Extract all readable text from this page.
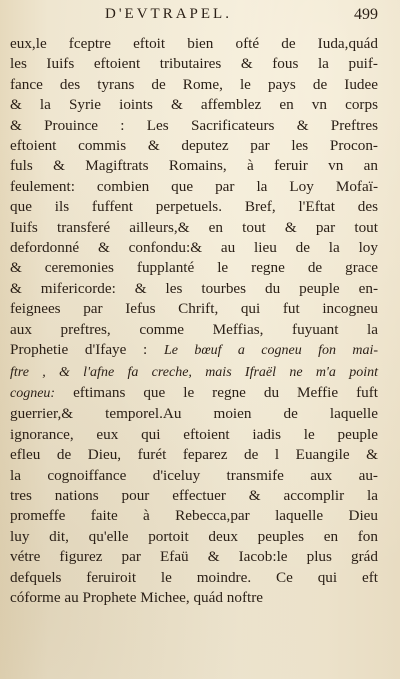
D'EVTRAPEL.	499
eux,le fceptre eftoit bien ofté de Iuda,quád
les Iuifs eftoient tributaires & fous la puif-
fance des tyrans de Rome, le pays de Iudee
& la Syrie ioints & affemblez en vn corps
& Prouince : Les Sacrificateurs & Preftres
eftoient commis & deputez par les Procon-
fuls & Magiftrats Romains, à feruir vn an
feulement: combien que par la Loy Mofaï-
que ils fuffent perpetuels. Bref, l'Eftat des
Iuifs transferé ailleurs,& en tout & par tout
defordonné & confondu:& au lieu de la loy
& ceremonies fupplanté le regne de grace
& mifericorde: & les tourbes du peuple en-
feignees par Iefus Chrift, qui fut incogneu
aux preftres, comme Meffias, fuyuant la
Prophetie d'Ifaye : Le bœuf a cogneu fon mai-
ftre , & l'afne fa creche, mais Ifraël ne m'a point
cogneu: eftimans que le regne du Meffie fuft
guerrier,& temporel.Au moien de laquelle
ignorance, eux qui eftoient iadis le peuple
efleu de Dieu, furét feparez de l Euangile &
la cognoiffance d'iceluy transmife aux au-
tres nations pour effectuer & accomplir la
promeffe faite à Rebecca,par laquelle Dieu
luy dit, qu'elle portoit deux peuples en fon
vétre figurez par Efaü & Iacob:le plus grád
defquels feruiroit le moindre. Ce qui eft
cóforme au Prophete Michee, quád noftre
